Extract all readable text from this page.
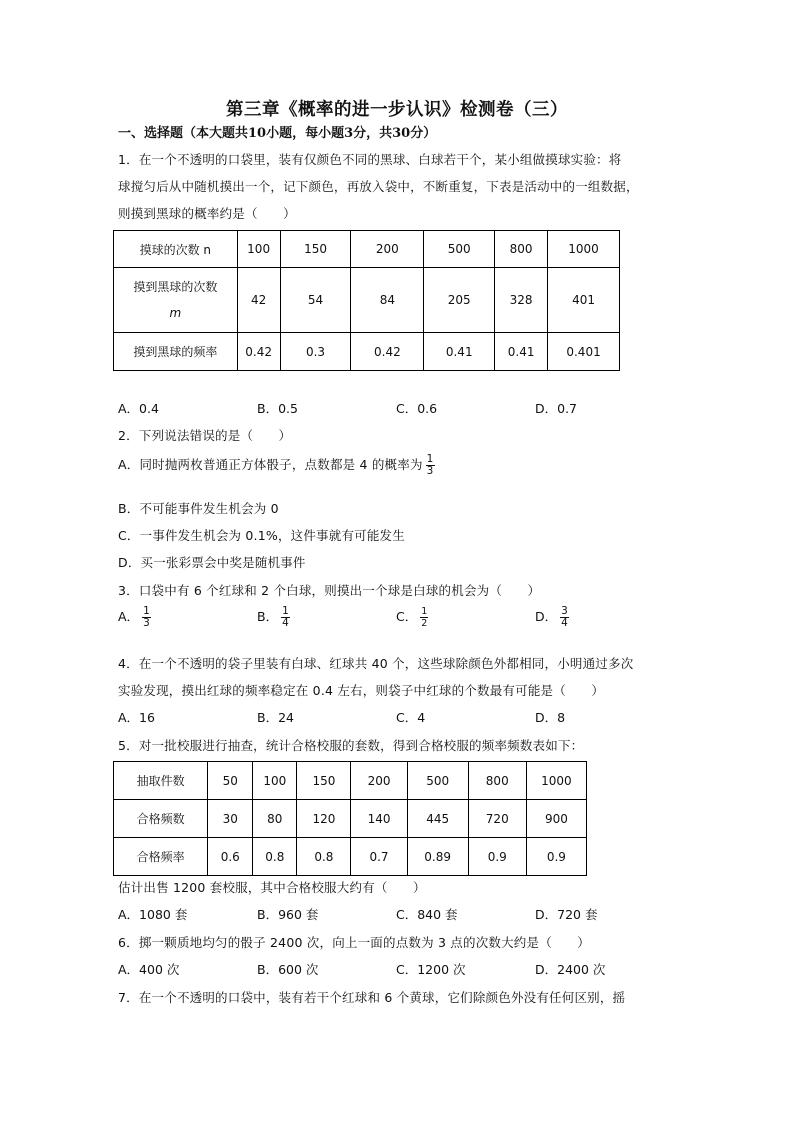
第三章《概率的进一步认识》检测卷（三）
一、选择题（本大题共10小题，每小题3分，共30分）
1．在一个不透明的口袋里，装有仅颜色不同的黑球、白球若干个，某小组做摸球实验：将
球搅匀后从中随机摸出一个，记下颜色，再放入袋中，不断重复，下表是活动中的一组数据，
则摸到黑球的概率约是（　　）
摸球的次数 n	100	150	200	500	800	1000

摸到黑球的次数
m	42	54	84	205	328	401
摸到黑球的频率	0.42	0.3	0.42	0.41	0.41	0.401
A．0.4	B．0.5	C．0.6	D．0.7
2．下列说法错误的是（　　）
A．同时抛两枚普通正方体骰子，点数都是 4 的概率为 $\frac{1}{3}$
B．不可能事件发生机会为 0
C．一事件发生机会为 0.1%，这件事就有可能发生
D．买一张彩票会中奖是随机事件
3．口袋中有 6 个红球和 2 个白球，则摸出一个球是白球的机会为（　　）
A． $\frac{1}{3}$	B． $\frac{1}{4}$	C． $\frac{1}{2}$	D． $\frac{3}{4}$
4．在一个不透明的袋子里装有白球、红球共 40 个，这些球除颜色外都相同，小明通过多次
实验发现，摸出红球的频率稳定在 0.4 左右，则袋子中红球的个数最有可能是（　　）
A．16	B．24	C．4	D．8
5．对一批校服进行抽查，统计合格校服的套数，得到合格校服的频率频数表如下：
抽取件数	50	100	150	200	500	800	1000
合格频数	30	80	120	140	445	720	900
合格频率	0.6	0.8	0.8	0.7	0.89	0.9	0.9
估计出售 1200 套校服，其中合格校服大约有（　　）
A．1080 套	B．960 套	C．840 套	D．720 套
6．掷一颗质地均匀的骰子 2400 次，向上一面的点数为 3 点的次数大约是（　　）
A．400 次	B．600 次	C．1200 次	D．2400 次
7．在一个不透明的口袋中，装有若干个红球和 6 个黄球，它们除颜色外没有任何区别，摇
